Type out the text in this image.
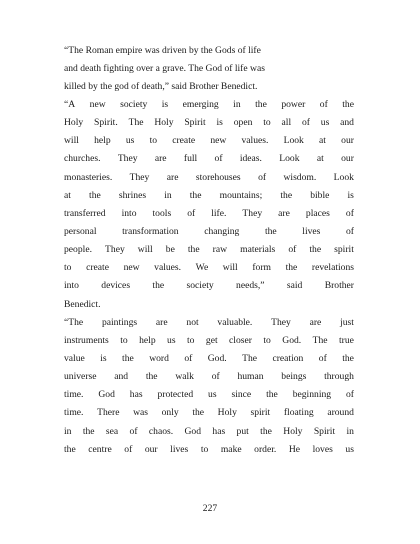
“The Roman empire was driven by the Gods of life
and death fighting over a grave. The God of life was
killed by the god of death,” said Brother Benedict.
“A new society is emerging in the power of the
Holy Spirit. The Holy Spirit is open to all of us and
will help us to create new values. Look at our
churches. They are full of ideas. Look at our
monasteries. They are storehouses of wisdom. Look
at the shrines in the mountains; the bible is
transferred into tools of life. They are places of
personal	transformation	changing	the	lives	of
people. They will be the raw materials of the spirit
to create new values. We will form the revelations
into devices the society needs,” said Brother
Benedict.
“The paintings are not valuable. They are just
instruments to help us to get closer to God. The true
value is the word of God. The creation of the
universe and the walk of human beings through
time. God has protected us since the beginning of
time. There was only the Holy spirit floating around
in the sea of chaos. God has put the Holy Spirit in
the centre of our lives to make order. He loves us
227
